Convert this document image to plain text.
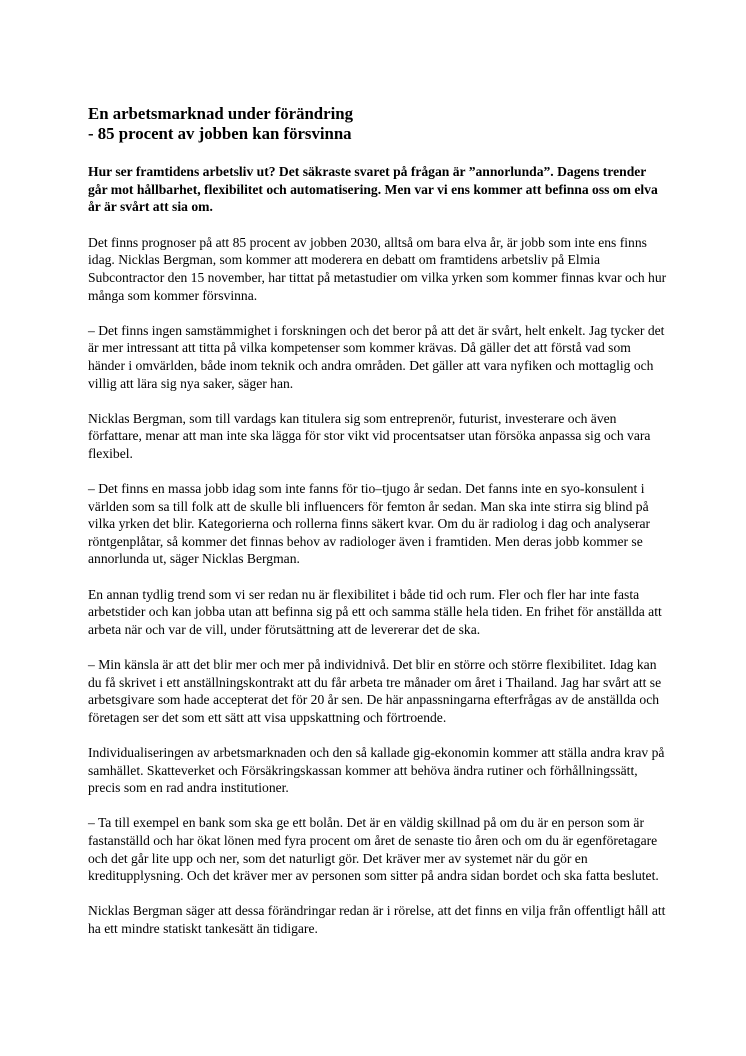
En arbetsmarknad under förändring
- 85 procent av jobben kan försvinna

Hur ser framtidens arbetsliv ut? Det säkraste svaret på frågan är ”annorlunda”. Dagens trender går mot hållbarhet, flexibilitet och automatisering. Men var vi ens kommer att befinna oss om elva år är svårt att sia om.

Det finns prognoser på att 85 procent av jobben 2030, alltså om bara elva år, är jobb som inte ens finns idag. Nicklas Bergman, som kommer att moderera en debatt om framtidens arbetsliv på Elmia Subcontractor den 15 november, har tittat på metastudier om vilka yrken som kommer finnas kvar och hur många som kommer försvinna.

– Det finns ingen samstämmighet i forskningen och det beror på att det är svårt, helt enkelt. Jag tycker det är mer intressant att titta på vilka kompetenser som kommer krävas. Då gäller det att förstå vad som händer i omvärlden, både inom teknik och andra områden. Det gäller att vara nyfiken och mottaglig och villig att lära sig nya saker, säger han.

Nicklas Bergman, som till vardags kan titulera sig som entreprenör, futurist, investerare och även författare, menar att man inte ska lägga för stor vikt vid procentsatser utan försöka anpassa sig och vara flexibel.

– Det finns en massa jobb idag som inte fanns för tio–tjugo år sedan. Det fanns inte en syo-konsulent i världen som sa till folk att de skulle bli influencers för femton år sedan. Man ska inte stirra sig blind på vilka yrken det blir. Kategorierna och rollerna finns säkert kvar. Om du är radiolog i dag och analyserar röntgenplåtar, så kommer det finnas behov av radiologer även i framtiden. Men deras jobb kommer se annorlunda ut, säger Nicklas Bergman.

En annan tydlig trend som vi ser redan nu är flexibilitet i både tid och rum. Fler och fler har inte fasta arbetstider och kan jobba utan att befinna sig på ett och samma ställe hela tiden. En frihet för anställda att arbeta när och var de vill, under förutsättning att de levererar det de ska.

– Min känsla är att det blir mer och mer på individnivå. Det blir en större och större flexibilitet. Idag kan du få skrivet i ett anställningskontrakt att du får arbeta tre månader om året i Thailand. Jag har svårt att se arbetsgivare som hade accepterat det för 20 år sen. De här anpassningarna efterfrågas av de anställda och företagen ser det som ett sätt att visa uppskattning och förtroende.

Individualiseringen av arbetsmarknaden och den så kallade gig-ekonomin kommer att ställa andra krav på samhället. Skatteverket och Försäkringskassan kommer att behöva ändra rutiner och förhållningssätt, precis som en rad andra institutioner.

– Ta till exempel en bank som ska ge ett bolån. Det är en väldig skillnad på om du är en person som är fastanställd och har ökat lönen med fyra procent om året de senaste tio åren och om du är egenföretagare och det går lite upp och ner, som det naturligt gör. Det kräver mer av systemet när du gör en kreditupplysning. Och det kräver mer av personen som sitter på andra sidan bordet och ska fatta beslutet.

Nicklas Bergman säger att dessa förändringar redan är i rörelse, att det finns en vilja från offentligt håll att ha ett mindre statiskt tankesätt än tidigare.
